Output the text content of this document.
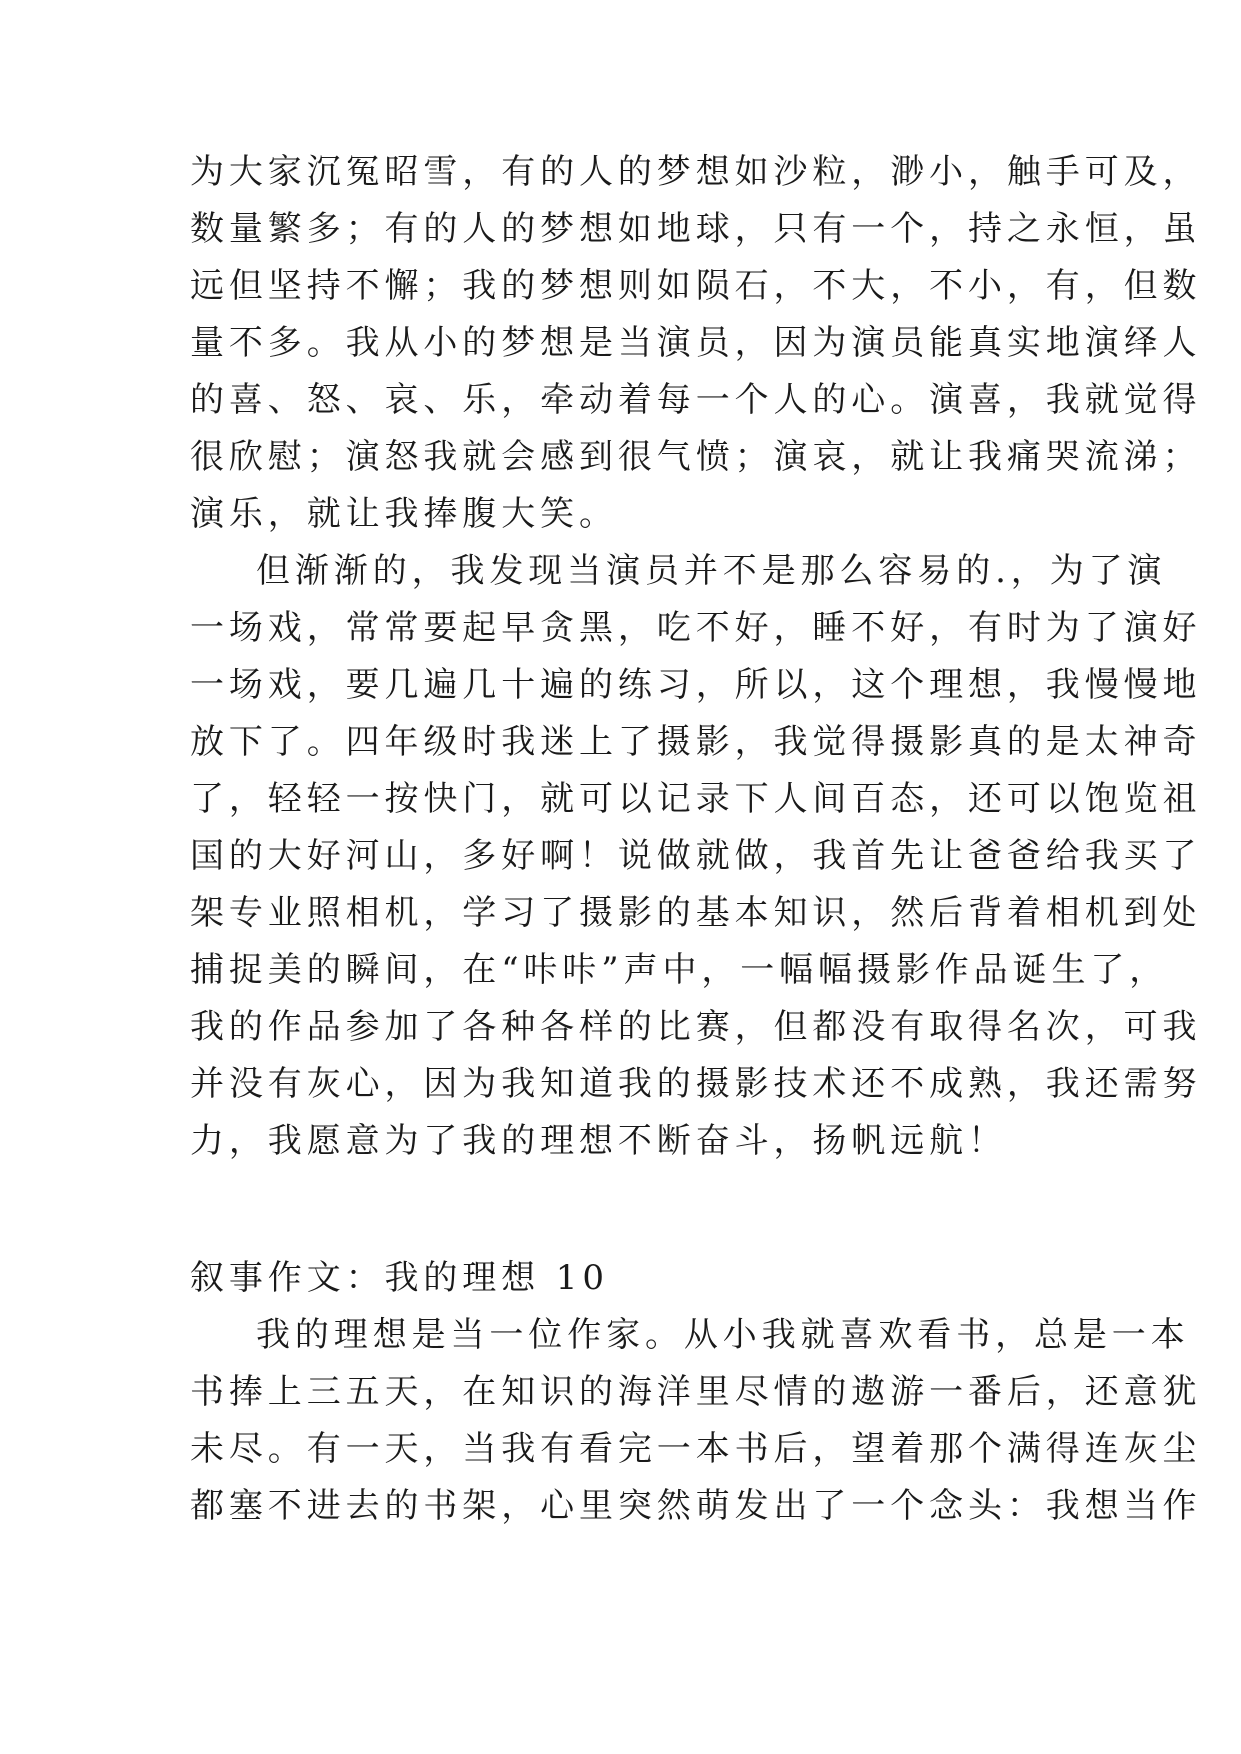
为大家沉冤昭雪，有的人的梦想如沙粒，渺小，触手可及，
数量繁多；有的人的梦想如地球，只有一个，持之永恒，虽
远但坚持不懈；我的梦想则如陨石，不大，不小，有，但数
量不多。我从小的梦想是当演员，因为演员能真实地演绎人
的喜、怒、哀、乐，牵动着每一个人的心。演喜，我就觉得
很欣慰；演怒我就会感到很气愤；演哀，就让我痛哭流涕；
演乐，就让我捧腹大笑。
但渐渐的，我发现当演员并不是那么容易的.，为了演
一场戏，常常要起早贪黑，吃不好，睡不好，有时为了演好
一场戏，要几遍几十遍的练习，所以，这个理想，我慢慢地
放下了。四年级时我迷上了摄影，我觉得摄影真的是太神奇
了，轻轻一按快门，就可以记录下人间百态，还可以饱览祖
国的大好河山，多好啊！说做就做，我首先让爸爸给我买了
架专业照相机，学习了摄影的基本知识，然后背着相机到处
捕捉美的瞬间，在“咔咔”声中，一幅幅摄影作品诞生了，
我的作品参加了各种各样的比赛，但都没有取得名次，可我
并没有灰心，因为我知道我的摄影技术还不成熟，我还需努
力，我愿意为了我的理想不断奋斗，扬帆远航！
叙事作文：我的理想 10
我的理想是当一位作家。从小我就喜欢看书，总是一本
书捧上三五天，在知识的海洋里尽情的遨游一番后，还意犹
未尽。有一天，当我有看完一本书后，望着那个满得连灰尘
都塞不进去的书架，心里突然萌发出了一个念头：我想当作
